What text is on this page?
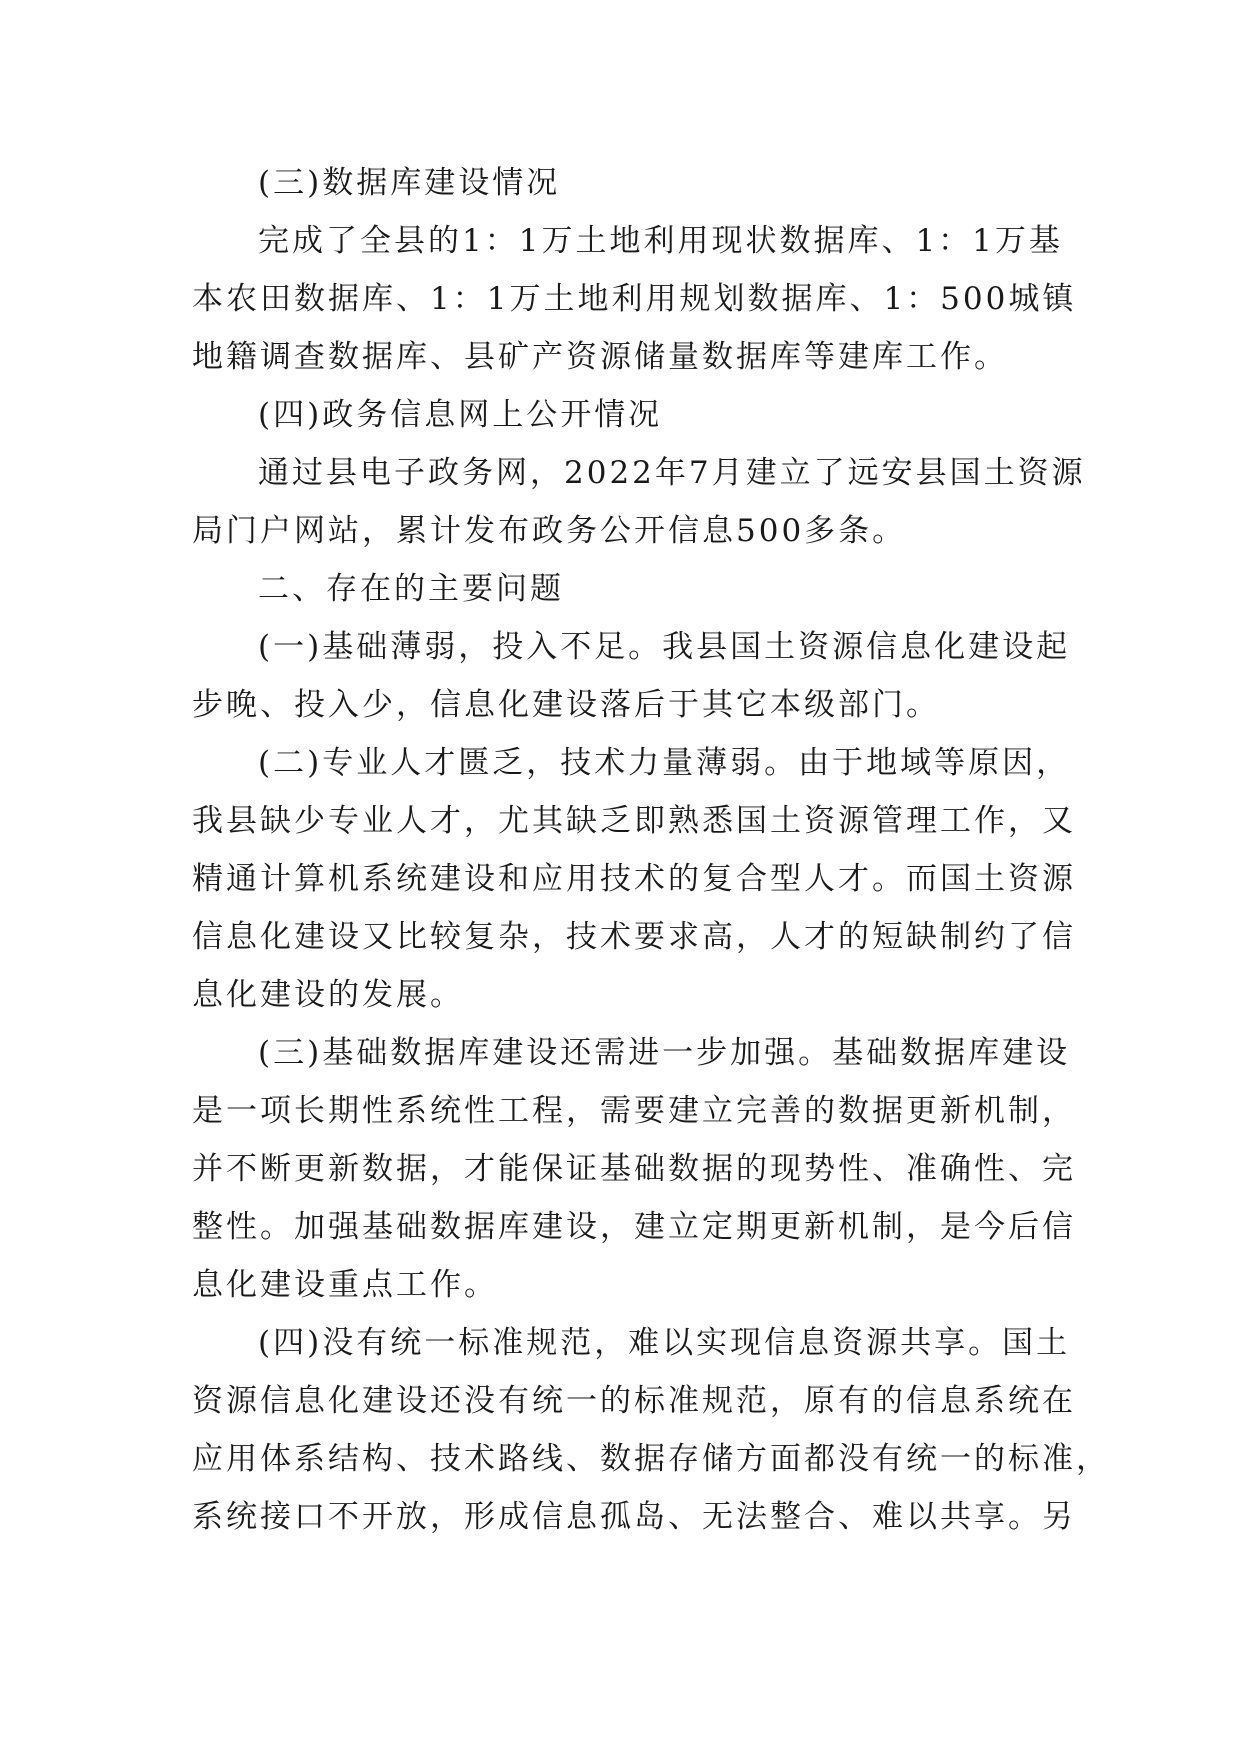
(三)数据库建设情况
完成了全县的1：1万土地利用现状数据库、1：1万基
本农田数据库、1：1万土地利用规划数据库、1：500城镇
地籍调查数据库、县矿产资源储量数据库等建库工作。
(四)政务信息网上公开情况
通过县电子政务网，2022年7月建立了远安县国土资源
局门户网站，累计发布政务公开信息500多条。
二、存在的主要问题
(一)基础薄弱，投入不足。我县国土资源信息化建设起
步晚、投入少，信息化建设落后于其它本级部门。
(二)专业人才匮乏，技术力量薄弱。由于地域等原因，
我县缺少专业人才，尤其缺乏即熟悉国土资源管理工作，又
精通计算机系统建设和应用技术的复合型人才。而国土资源
信息化建设又比较复杂，技术要求高，人才的短缺制约了信
息化建设的发展。
(三)基础数据库建设还需进一步加强。基础数据库建设
是一项长期性系统性工程，需要建立完善的数据更新机制，
并不断更新数据，才能保证基础数据的现势性、准确性、完
整性。加强基础数据库建设，建立定期更新机制，是今后信
息化建设重点工作。
(四)没有统一标准规范，难以实现信息资源共享。国土
资源信息化建设还没有统一的标准规范，原有的信息系统在
应用体系结构、技术路线、数据存储方面都没有统一的标准，
系统接口不开放，形成信息孤岛、无法整合、难以共享。另
